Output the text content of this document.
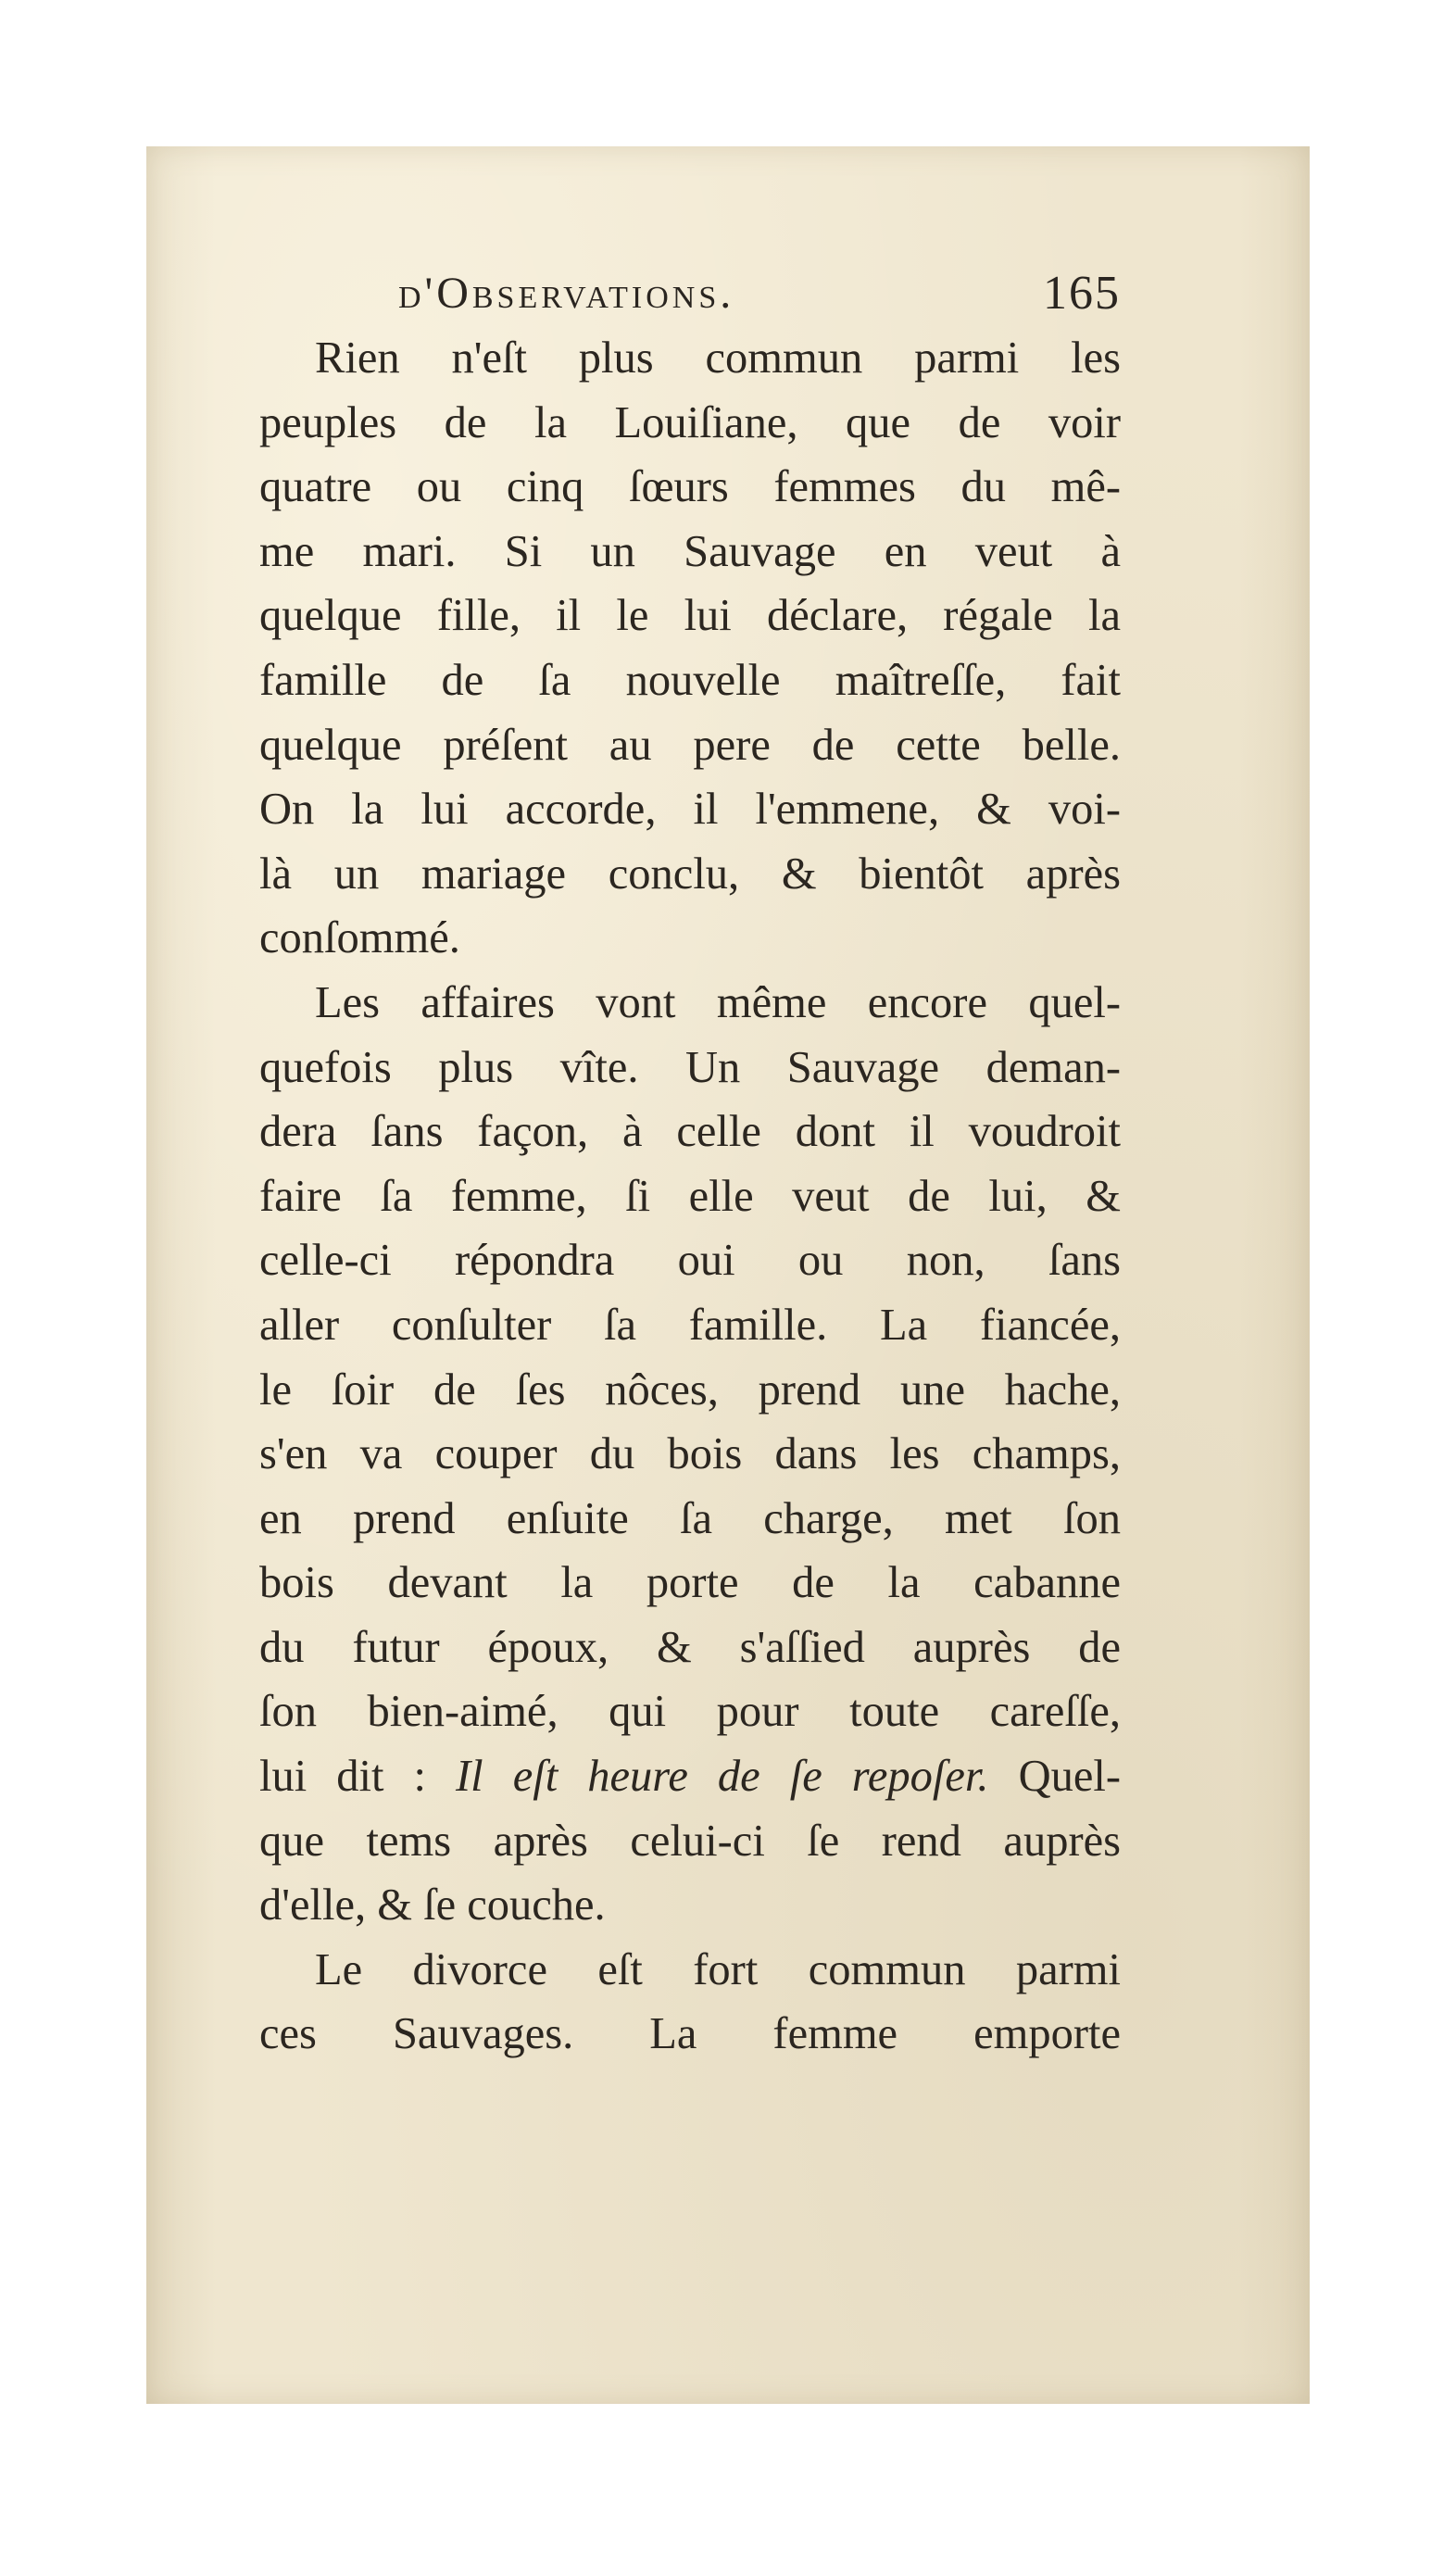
d'Observations.	165
Rien n'eſt plus commun parmi les
peuples de la Louiſiane, que de voir
quatre ou cinq ſœurs femmes du mê-
me mari. Si un Sauvage en veut à
quelque fille, il le lui déclare, régale la
famille de ſa nouvelle maîtreſſe, fait
quelque préſent au pere de cette belle.
On la lui accorde, il l'emmene, & voi-
là un mariage conclu, & bientôt après
conſommé.
Les affaires vont même encore quel-
quefois plus vîte. Un Sauvage deman-
dera ſans façon, à celle dont il voudroit
faire ſa femme, ſi elle veut de lui, &
celle-ci répondra oui ou non, ſans
aller conſulter ſa famille. La fiancée,
le ſoir de ſes nôces, prend une hache,
s'en va couper du bois dans les champs,
en prend enſuite ſa charge, met ſon
bois devant la porte de la cabanne
du futur époux, & s'aſſied auprès de
ſon bien-aimé, qui pour toute careſſe,
lui dit : Il eſt heure de ſe repoſer. Quel-
que tems après celui-ci ſe rend auprès
d'elle, & ſe couche.
Le divorce eſt fort commun parmi
ces Sauvages. La femme emporte
